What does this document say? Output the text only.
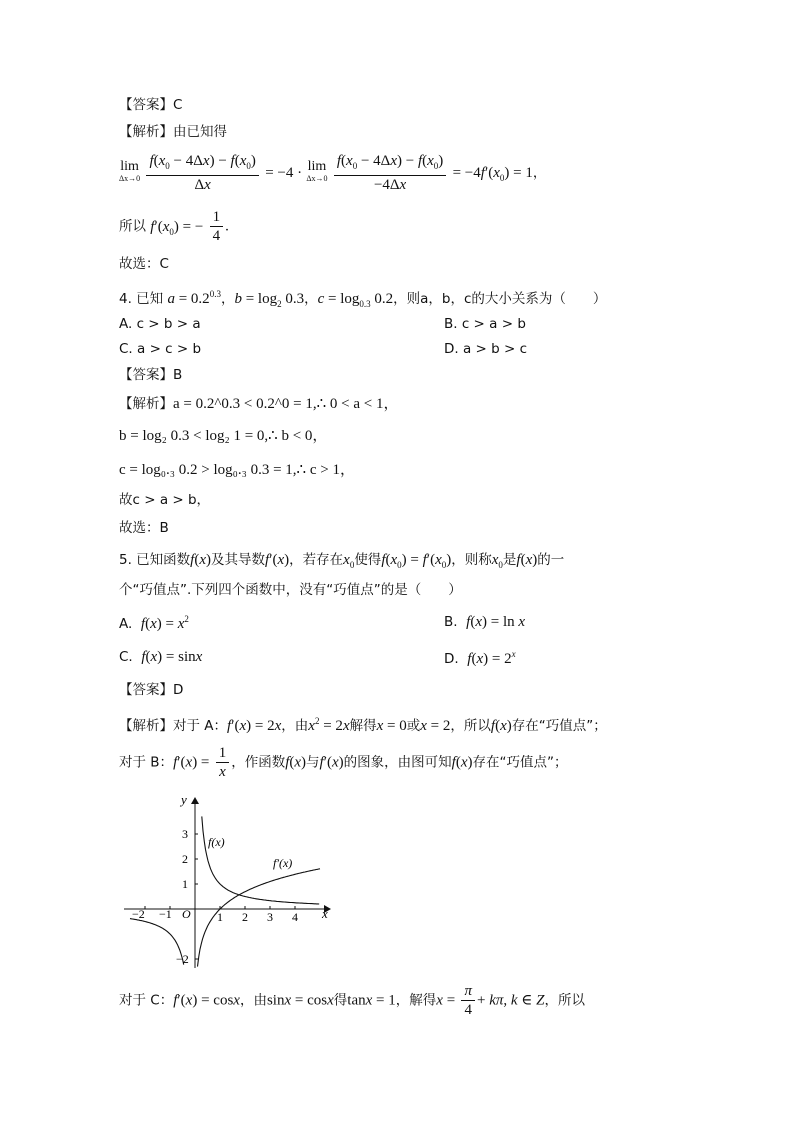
【答案】C
【解析】由已知得
lim
Δx→0
$\frac{f(x_0 - 4\Delta x) - f(x_0)}{\Delta x} = -4 \cdot \lim$
Δx→0
$\frac{f(x_0 - 4\Delta x) - f(x_0)}{-4\Delta x} = -4f'(x_0) = 1$，
所以 $f'(x_0)$ = − $\frac{1}{4}$ .
故选：C
4. 已知 $a = 0.2^{0.3}$，$b = \log_2 0.3$，$c = \log_{0.3} 0.2$，则a，b，c的大小关系为（　　）
A. c > b > a	B. c > a > b
C. a > c > b	D. a > b > c
【答案】B
【解析】a = 0.2^0.3 < 0.2^0 = 1,∴ 0 < a < 1，
b = log₂ 0.3 < log₂ 1 = 0,∴ b < 0，
c = log₀.₃ 0.2 > log₀.₃ 0.3 = 1,∴ c > 1，
故c > a > b，
故选：B
5. 已知函数f(x)及其导数f′(x)，若存在$x_0$使得$f(x_0) = f'(x_0)$，则称$x_0$是f(x)的一
个“巧值点”.下列四个函数中，没有“巧值点”的是（　　）
A. $f(x) = x^2$	B. f(x) = ln x
C. f(x) = sinx	D. $f(x) = 2^x$
【答案】D
【解析】对于 A：f′(x) = 2x，由$x^2 = 2x$解得x = 0或x = 2，所以f(x)存在“巧值点”；
对于 B：$f'(x) = \frac{1}{x}$ ，作函数f(x)与f′(x)的图象，由图可知f(x)存在“巧值点”；
y
x
O
f(x)
f′(x)
−2 −1	1 2 3 4
3
2
1
−2
对于 C：f′(x) = cosx，由sinx = cosx得tanx = 1，解得$x = \frac{\pi}{4} + k\pi$, k ∈ Z，所以
